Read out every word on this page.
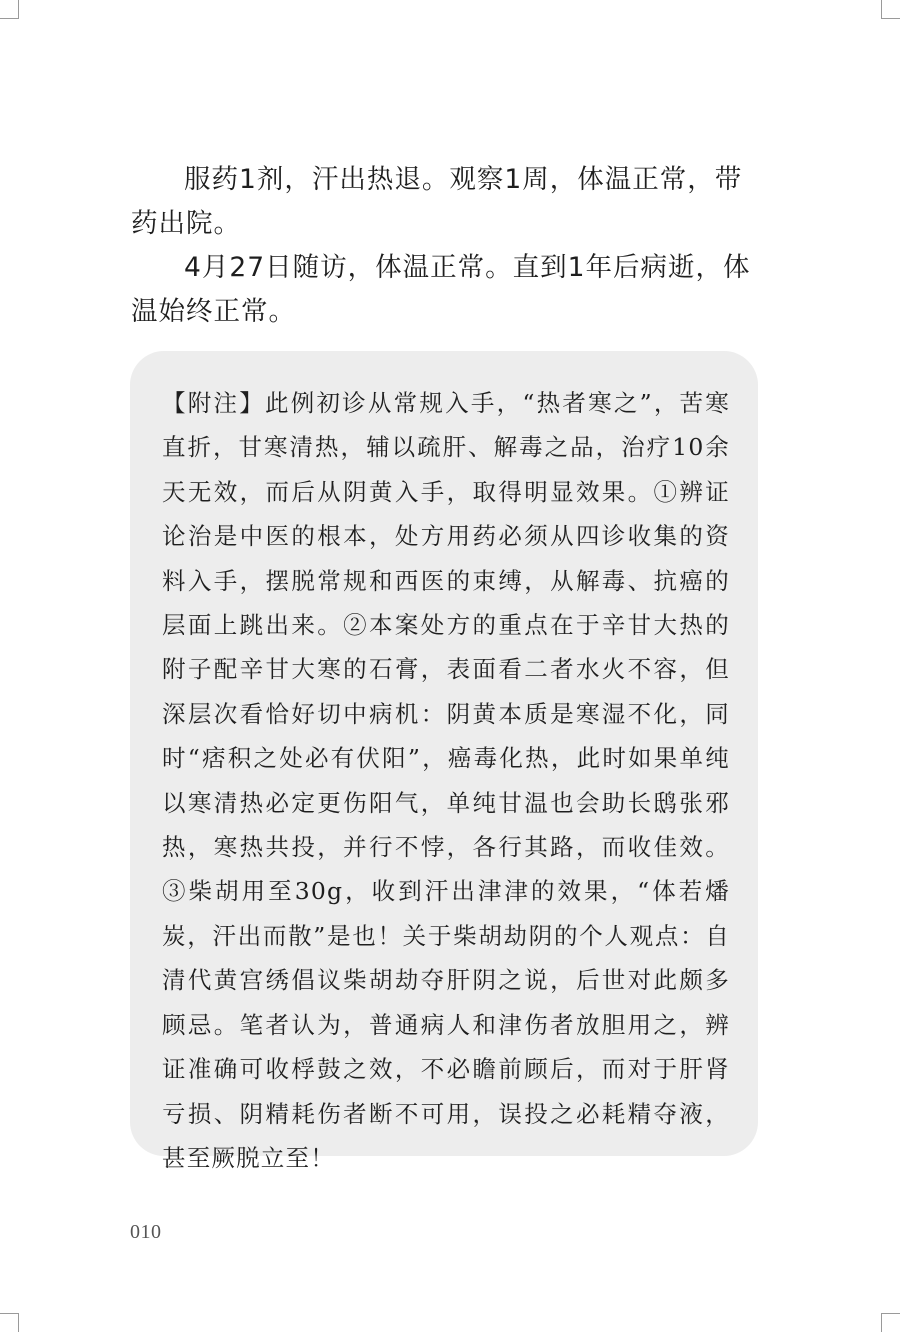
服药1剂，汗出热退。观察1周，体温正常，带药出院。

4月27日随访，体温正常。直到1年后病逝，体温始终正常。

【附注】此例初诊从常规入手，“热者寒之”，苦寒直折，甘寒清热，辅以疏肝、解毒之品，治疗10余天无效，而后从阴黄入手，取得明显效果。①辨证论治是中医的根本，处方用药必须从四诊收集的资料入手，摆脱常规和西医的束缚，从解毒、抗癌的层面上跳出来。②本案处方的重点在于辛甘大热的附子配辛甘大寒的石膏，表面看二者水火不容，但深层次看恰好切中病机：阴黄本质是寒湿不化，同时“痞积之处必有伏阳”，癌毒化热，此时如果单纯以寒清热必定更伤阳气，单纯甘温也会助长鸱张邪热，寒热共投，并行不悖，各行其路，而收佳效。③柴胡用至30g，收到汗出津津的效果，“体若燔炭，汗出而散”是也！关于柴胡劫阴的个人观点：自清代黄宫绣倡议柴胡劫夺肝阴之说，后世对此颇多顾忌。笔者认为，普通病人和津伤者放胆用之，辨证准确可收桴鼓之效，不必瞻前顾后，而对于肝肾亏损、阴精耗伤者断不可用，误投之必耗精夺液，甚至厥脱立至！

010
